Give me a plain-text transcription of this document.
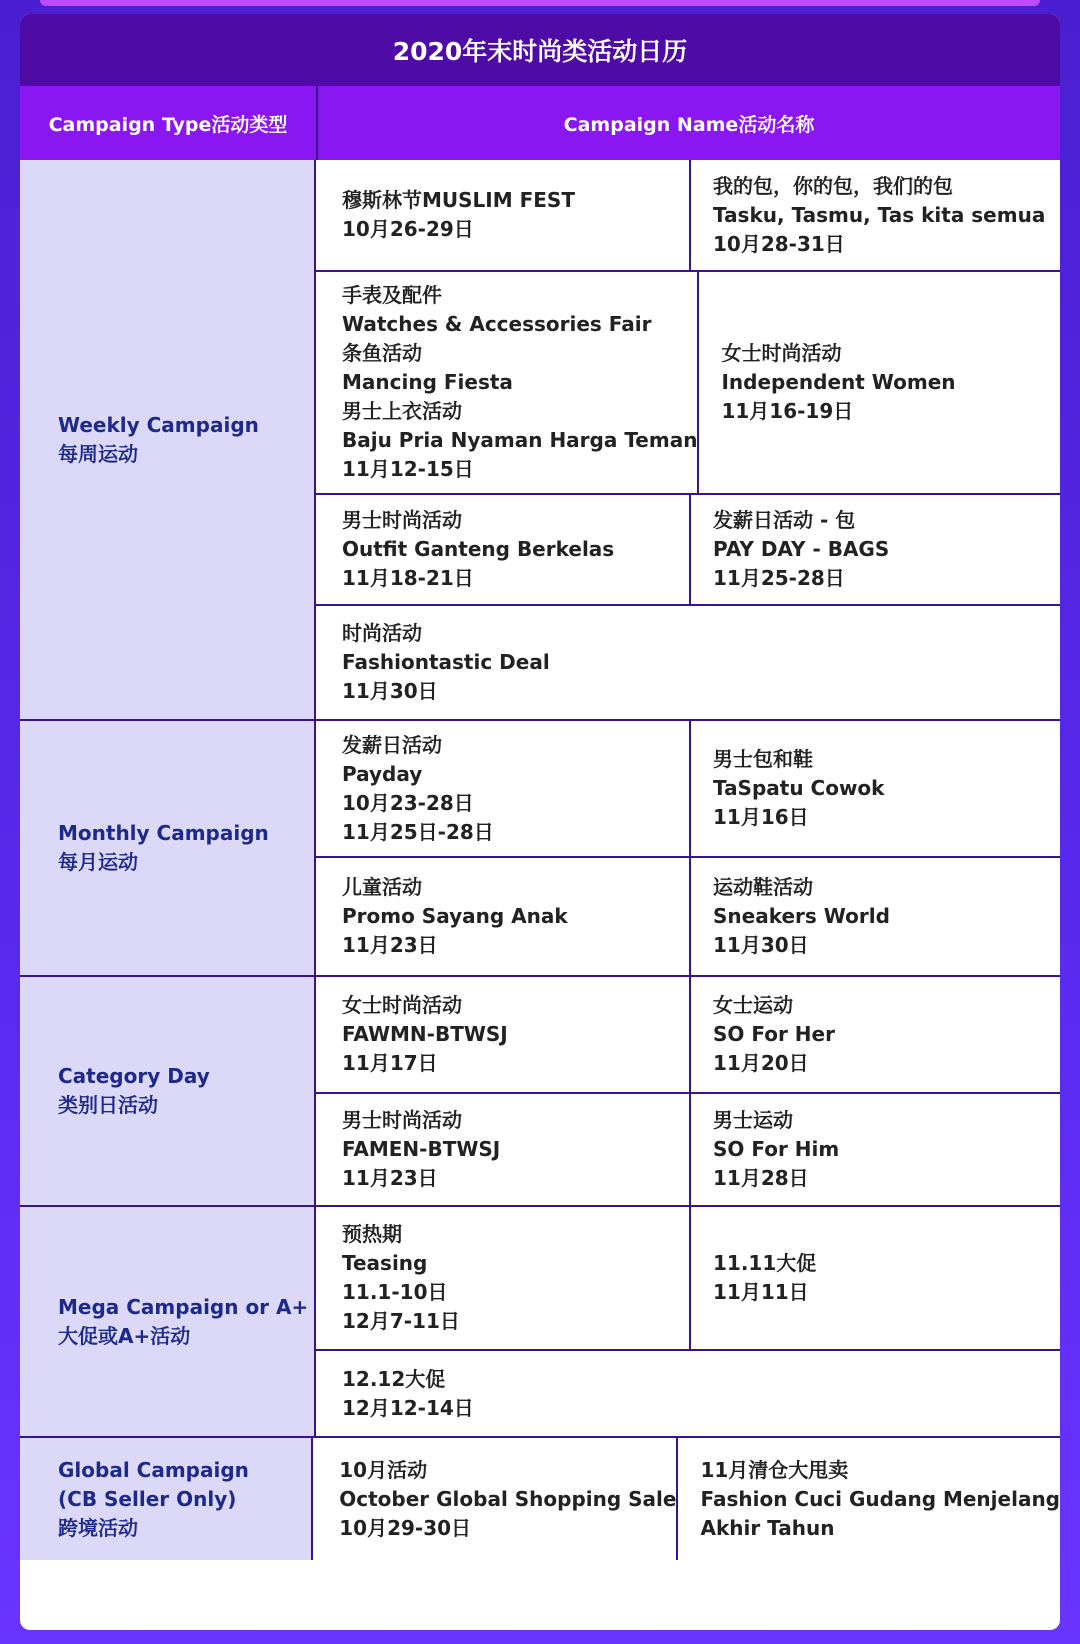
2020年末时尚类活动日历
Campaign Type活动类型	Campaign Name活动名称
Weekly Campaign
每周运动
穆斯林节MUSLIM FEST
10月26-29日
我的包，你的包，我们的包
Tasku, Tasmu, Tas kita semua
10月28-31日
手表及配件
Watches & Accessories Fair
条鱼活动
Mancing Fiesta
男士上衣活动
Baju Pria Nyaman Harga Teman
11月12-15日
女士时尚活动
Independent Women
11月16-19日
男士时尚活动
Outfit Ganteng Berkelas
11月18-21日
发薪日活动 - 包
PAY DAY - BAGS
11月25-28日
时尚活动
Fashiontastic Deal
11月30日
Monthly Campaign
每月运动
发薪日活动
Payday
10月23-28日
11月25日-28日
男士包和鞋
TaSpatu Cowok
11月16日
儿童活动
Promo Sayang Anak
11月23日
运动鞋活动
Sneakers World
11月30日
Category Day
类别日活动
女士时尚活动
FAWMN-BTWSJ
11月17日
女士运动
SO For Her
11月20日
男士时尚活动
FAMEN-BTWSJ
11月23日
男士运动
SO For Him
11月28日
Mega Campaign or A+
大促或A+活动
预热期
Teasing
11.1-10日
12月7-11日
11.11大促
11月11日
12.12大促
12月12-14日
Global Campaign
(CB Seller Only)
跨境活动
10月活动
October Global Shopping Sale
10月29-30日
11月清仓大甩卖
Fashion Cuci Gudang Menjelang
Akhir Tahun
